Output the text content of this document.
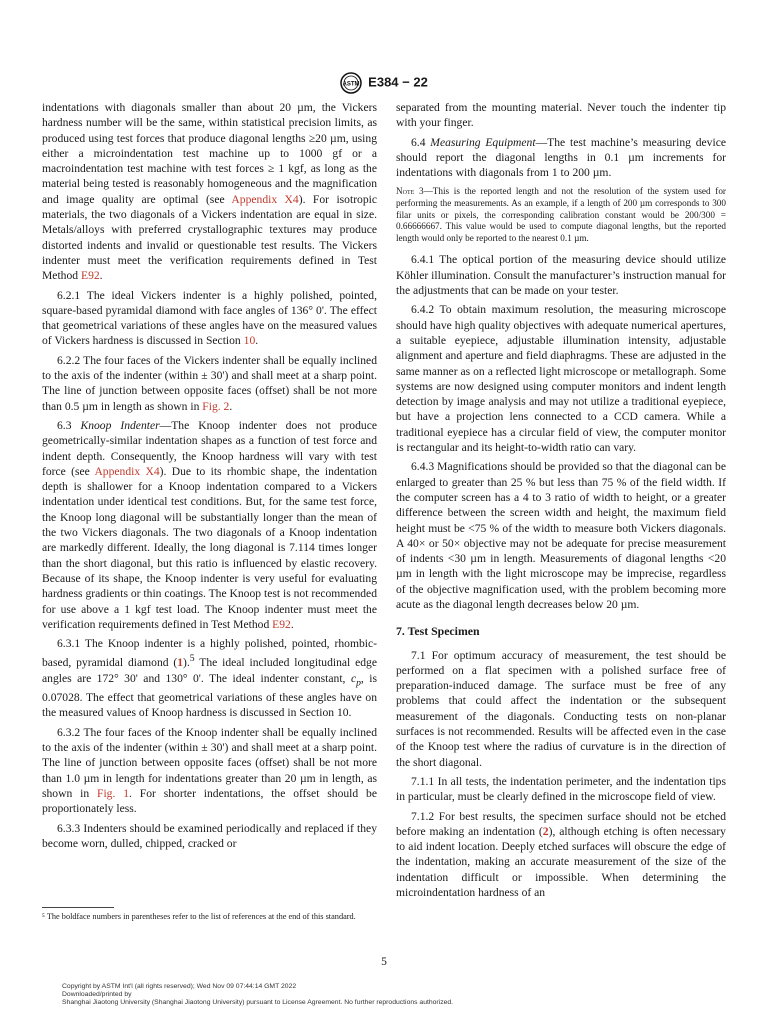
ASTM E384 − 22

indentations with diagonals smaller than about 20 µm, the Vickers hardness number will be the same, within statistical precision limits, as produced using test forces that produce diagonal lengths ≥20 µm, using either a microindentation test machine up to 1000 gf or a macroindentation test machine with test forces ≥ 1 kgf, as long as the material being tested is reasonably homogeneous and the magnification and image quality are optimal (see Appendix X4). For isotropic materials, the two diagonals of a Vickers indentation are equal in size. Metals/alloys with preferred crystallographic textures may produce distorted indents and invalid or questionable test results. The Vickers indenter must meet the verification requirements defined in Test Method E92.

6.2.1 The ideal Vickers indenter is a highly polished, pointed, square-based pyramidal diamond with face angles of 136° 0'. The effect that geometrical variations of these angles have on the measured values of Vickers hardness is discussed in Section 10.

6.2.2 The four faces of the Vickers indenter shall be equally inclined to the axis of the indenter (within ± 30') and shall meet at a sharp point. The line of junction between opposite faces (offset) shall be not more than 0.5 µm in length as shown in Fig. 2.

6.3 Knoop Indenter—The Knoop indenter does not produce geometrically-similar indentation shapes as a function of test force and indent depth. Consequently, the Knoop hardness will vary with test force (see Appendix X4). Due to its rhombic shape, the indentation depth is shallower for a Knoop indentation compared to a Vickers indentation under identical test conditions. But, for the same test force, the Knoop long diagonal will be substantially longer than the mean of the two Vickers diagonals. The two diagonals of a Knoop indentation are markedly different. Ideally, the long diagonal is 7.114 times longer than the short diagonal, but this ratio is influenced by elastic recovery. Because of its shape, the Knoop indenter is very useful for evaluating hardness gradients or thin coatings. The Knoop test is not recommended for use above a 1 kgf test load. The Knoop indenter must meet the verification requirements defined in Test Method E92.

6.3.1 The Knoop indenter is a highly polished, pointed, rhombic-based, pyramidal diamond (1).$^5$ The ideal included longitudinal edge angles are 172° 30' and 130° 0'. The ideal indenter constant, $c_p$, is 0.07028. The effect that geometrical variations of these angles have on the measured values of Knoop hardness is discussed in Section 10.

6.3.2 The four faces of the Knoop indenter shall be equally inclined to the axis of the indenter (within ± 30') and shall meet at a sharp point. The line of junction between opposite faces (offset) shall be not more than 1.0 µm in length for indentations greater than 20 µm in length, as shown in Fig. 1. For shorter indentations, the offset should be proportionately less.

6.3.3 Indenters should be examined periodically and replaced if they become worn, dulled, chipped, cracked or

separated from the mounting material. Never touch the indenter tip with your finger.

6.4 Measuring Equipment—The test machine’s measuring device should report the diagonal lengths in 0.1 µm increments for indentations with diagonals from 1 to 200 µm.

Note 3—This is the reported length and not the resolution of the system used for performing the measurements. As an example, if a length of 200 µm corresponds to 300 filar units or pixels, the corresponding calibration constant would be 200/300 = 0.66666667. This value would be used to compute diagonal lengths, but the reported length would only be reported to the nearest 0.1 µm.

6.4.1 The optical portion of the measuring device should utilize Köhler illumination. Consult the manufacturer’s instruction manual for the adjustments that can be made on your tester.

6.4.2 To obtain maximum resolution, the measuring microscope should have high quality objectives with adequate numerical apertures, a suitable eyepiece, adjustable illumination intensity, adjustable alignment and aperture and field diaphragms. These are adjusted in the same manner as on a reflected light microscope or metallograph. Some systems are now designed using computer monitors and indent length detection by image analysis and may not utilize a traditional eyepiece, but have a projection lens connected to a CCD camera. While a traditional eyepiece has a circular field of view, the computer monitor is rectangular and its height-to-width ratio can vary.

6.4.3 Magnifications should be provided so that the diagonal can be enlarged to greater than 25 % but less than 75 % of the field width. If the computer screen has a 4 to 3 ratio of width to height, or a greater difference between the screen width and height, the maximum field height must be <75 % of the width to measure both Vickers diagonals. A 40× or 50× objective may not be adequate for precise measurement of indents <30 µm in length. Measurements of diagonal lengths <20 µm in length with the light microscope may be imprecise, regardless of the objective magnification used, with the problem becoming more acute as the diagonal length decreases below 20 µm.

7. Test Specimen

7.1 For optimum accuracy of measurement, the test should be performed on a flat specimen with a polished surface free of preparation-induced damage. The surface must be free of any problems that could affect the indentation or the subsequent measurement of the diagonals. Conducting tests on non-planar surfaces is not recommended. Results will be affected even in the case of the Knoop test where the radius of curvature is in the direction of the short diagonal.

7.1.1 In all tests, the indentation perimeter, and the indentation tips in particular, must be clearly defined in the microscope field of view.

7.1.2 For best results, the specimen surface should not be etched before making an indentation (2), although etching is often necessary to aid indent location. Deeply etched surfaces will obscure the edge of the indentation, making an accurate measurement of the size of the indentation difficult or impossible. When determining the microindentation hardness of an

⁵ The boldface numbers in parentheses refer to the list of references at the end of this standard.
5
Copyright by ASTM Int'l (all rights reserved); Wed Nov 09 07:44:14 GMT 2022
Downloaded/printed by
Shanghai Jiaotong University (Shanghai Jiaotong University) pursuant to License Agreement. No further reproductions authorized.
